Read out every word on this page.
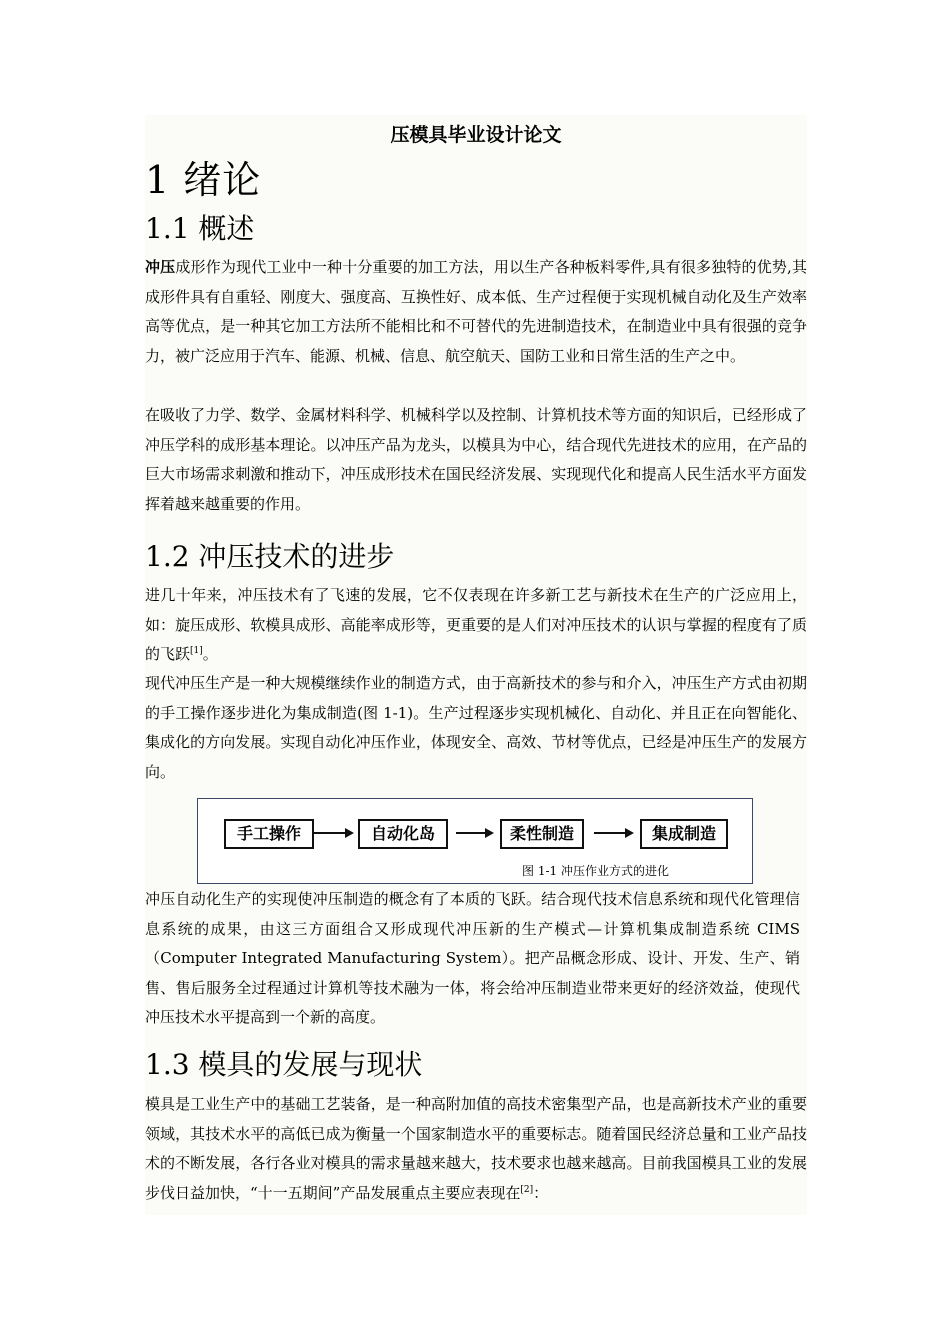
压模具毕业设计论文
1 绪论
1.1 概述
冲压成形作为现代工业中一种十分重要的加工方法，用以生产各种板料零件,具有很多独特的优势,其成形件具有自重轻、刚度大、强度高、互换性好、成本低、生产过程便于实现机械自动化及生产效率高等优点，是一种其它加工方法所不能相比和不可替代的先进制造技术，在制造业中具有很强的竞争力，被广泛应用于汽车、能源、机械、信息、航空航天、国防工业和日常生活的生产之中。
在吸收了力学、数学、金属材料科学、机械科学以及控制、计算机技术等方面的知识后，已经形成了冲压学科的成形基本理论。以冲压产品为龙头，以模具为中心，结合现代先进技术的应用，在产品的巨大市场需求刺激和推动下，冲压成形技术在国民经济发展、实现现代化和提高人民生活水平方面发挥着越来越重要的作用。
1.2 冲压技术的进步
进几十年来，冲压技术有了飞速的发展，它不仅表现在许多新工艺与新技术在生产的广泛应用上，如：旋压成形、软模具成形、高能率成形等，更重要的是人们对冲压技术的认识与掌握的程度有了质的飞跃[1]。
现代冲压生产是一种大规模继续作业的制造方式，由于高新技术的参与和介入，冲压生产方式由初期的手工操作逐步进化为集成制造(图 1-1)。生产过程逐步实现机械化、自动化、并且正在向智能化、集成化的方向发展。实现自动化冲压作业，体现安全、高效、节材等优点，已经是冲压生产的发展方向。
手工操作	自动化岛	柔性制造	集成制造
图 1-1 冲压作业方式的进化
冲压自动化生产的实现使冲压制造的概念有了本质的飞跃。结合现代技术信息系统和现代化管理信息系统的成果，由这三方面组合又形成现代冲压新的生产模式—计算机集成制造系统 CIMS（Computer Integrated Manufacturing System）。把产品概念形成、设计、开发、生产、销售、售后服务全过程通过计算机等技术融为一体，将会给冲压制造业带来更好的经济效益，使现代冲压技术水平提高到一个新的高度。
1.3 模具的发展与现状
模具是工业生产中的基础工艺装备，是一种高附加值的高技术密集型产品，也是高新技术产业的重要领域，其技术水平的高低已成为衡量一个国家制造水平的重要标志。随着国民经济总量和工业产品技术的不断发展，各行各业对模具的需求量越来越大，技术要求也越来越高。目前我国模具工业的发展步伐日益加快，“十一五期间”产品发展重点主要应表现在[2]：
